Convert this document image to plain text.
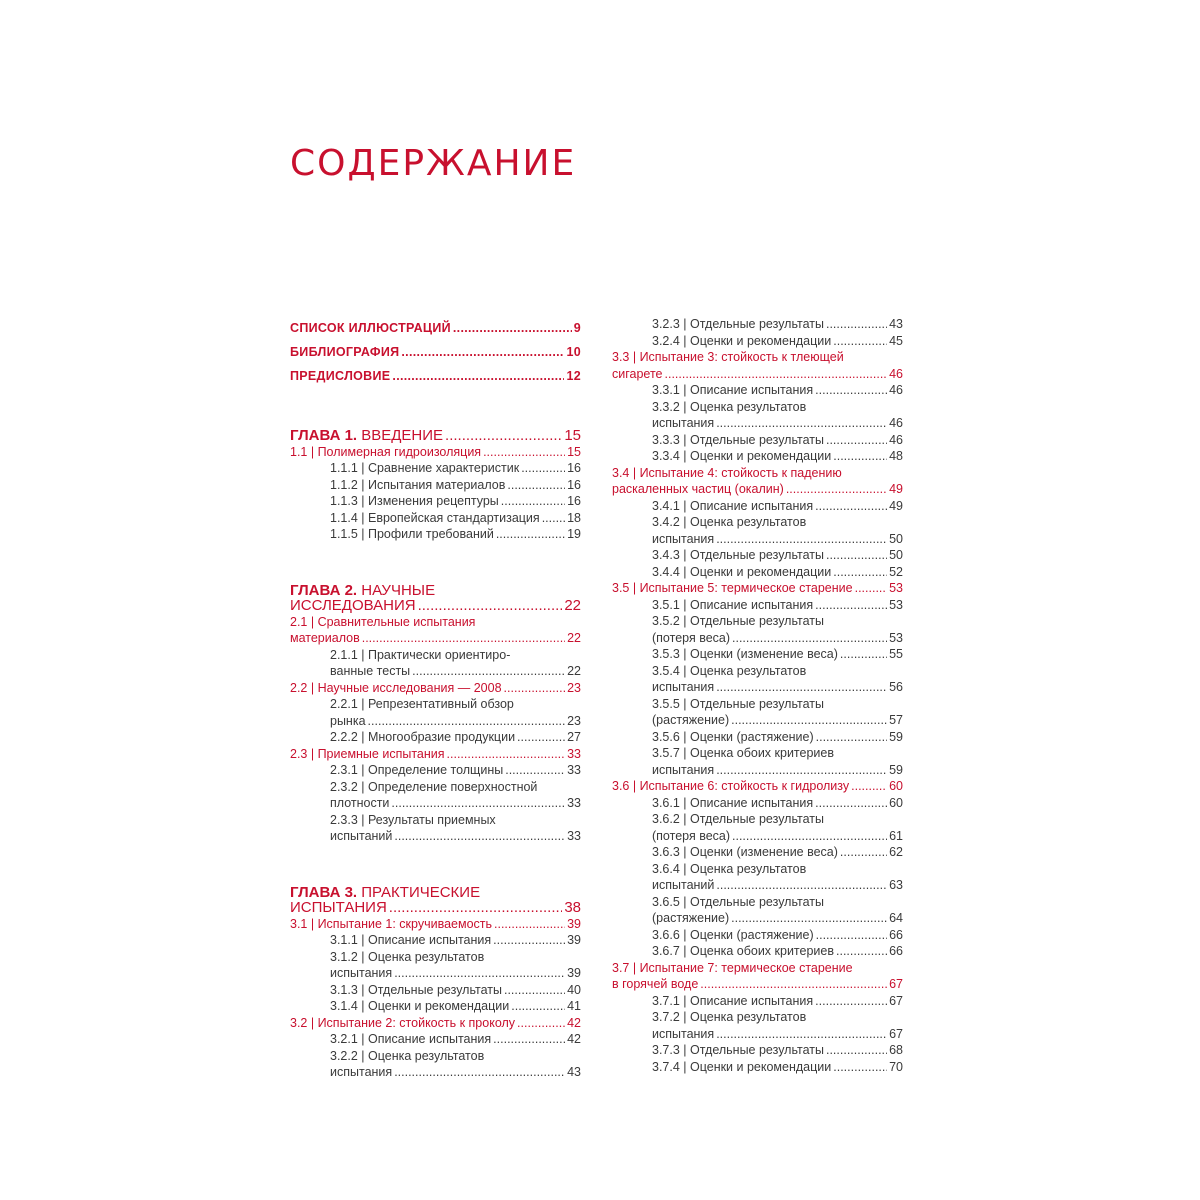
СОДЕРЖАНИЕ
СПИСОК ИЛЛЮСТРАЦИЙ .....	9
БИБЛИОГРАФИЯ .....	10
ПРЕДИСЛОВИЕ .....	12
ГЛАВА 1. ВВЕДЕНИЕ .....	15
1.1 | Полимерная гидроизоляция .....	15
1.1.1 | Сравнение характеристик .....	16
1.1.2 | Испытания материалов .....	16
1.1.3 | Изменения рецептуры .....	16
1.1.4 | Европейская стандартизация ..... 18
1.1.5 | Профили требований .....	19
ГЛАВА 2. НАУЧНЫЕ
ИССЛЕДОВАНИЯ .....	22
2.1 | Сравнительные испытания
материалов .....	22
2.1.1 | Практически ориентиро-
ванные тесты .....	22
2.2 | Научные исследования — 2008 .....	23
2.2.1 | Репрезентативный обзор
рынка .....	23
2.2.2 | Многообразие продукции .....	27
2.3 | Приемные испытания .....	33
2.3.1 | Определение толщины .....	33
2.3.2 | Определение поверхностной
плотности .....	33
2.3.3 | Результаты приемных
испытаний .....	33
ГЛАВА 3. ПРАКТИЧЕСКИЕ
ИСПЫТАНИЯ .....	38
3.1 | Испытание 1: скручиваемость .....	39
3.1.1 | Описание испытания .....	39
3.1.2 | Оценка результатов
испытания .....	39
3.1.3 | Отдельные результаты .....	40
3.1.4 | Оценки и рекомендации .....	41
3.2 | Испытание 2: стойкость к проколу .....	42
3.2.1 | Описание испытания .....	42
3.2.2 | Оценка результатов
испытания .....	43
3.2.3 | Отдельные результаты .....	43
3.2.4 | Оценки и рекомендации .....	45
3.3 | Испытание 3: стойкость к тлеющей
сигарете .....	46
3.3.1 | Описание испытания .....	46
3.3.2 | Оценка результатов
испытания .....	46
3.3.3 | Отдельные результаты .....	46
3.3.4 | Оценки и рекомендации .....	48
3.4 | Испытание 4: стойкость к падению
раскаленных частиц (окалин) .....	49
3.4.1 | Описание испытания .....	49
3.4.2 | Оценка результатов
испытания .....	50
3.4.3 | Отдельные результаты .....	50
3.4.4 | Оценки и рекомендации .....	52
3.5 | Испытание 5: термическое старение .....	53
3.5.1 | Описание испытания .....	53
3.5.2 | Отдельные результаты
(потеря веса) .....	53
3.5.3 | Оценки (изменение веса) .....	55
3.5.4 | Оценка результатов
испытания .....	56
3.5.5 | Отдельные результаты
(растяжение) .....	57
3.5.6 | Оценки (растяжение) .....	59
3.5.7 | Оценка обоих критериев
испытания .....	59
3.6 | Испытание 6: стойкость к гидролизу .....	60
3.6.1 | Описание испытания .....	60
3.6.2 | Отдельные результаты
(потеря веса) .....	61
3.6.3 | Оценки (изменение веса) .....	62
3.6.4 | Оценка результатов
испытаний .....	63
3.6.5 | Отдельные результаты
(растяжение) .....	64
3.6.6 | Оценки (растяжение) .....	66
3.6.7 | Оценка обоих критериев .....	66
3.7 | Испытание 7: термическое старение
в горячей воде .....	67
3.7.1 | Описание испытания .....	67
3.7.2 | Оценка результатов
испытания .....	67
3.7.3 | Отдельные результаты .....	68
3.7.4 | Оценки и рекомендации .....	70
